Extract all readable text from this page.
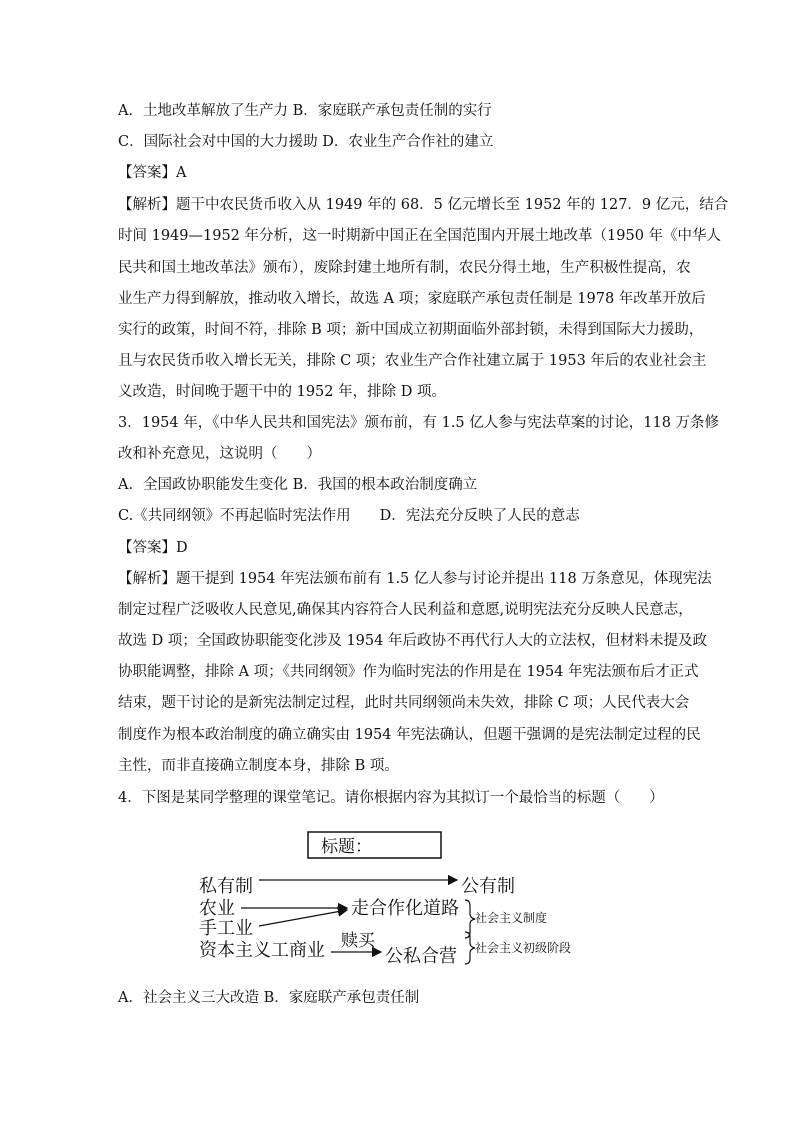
A．土地改革解放了生产力 B．家庭联产承包责任制的实行
C．国际社会对中国的大力援助 D．农业生产合作社的建立
【答案】A
【解析】题干中农民货币收入从 1949 年的 68．5 亿元增长至 1952 年的 127．9 亿元，结合
时间 1949—1952 年分析，这一时期新中国正在全国范围内开展土地改革（1950 年《中华人
民共和国土地改革法》颁布），废除封建土地所有制，农民分得土地，生产积极性提高，农
业生产力得到解放，推动收入增长，故选 A 项；家庭联产承包责任制是 1978 年改革开放后
实行的政策，时间不符，排除 B 项；新中国成立初期面临外部封锁，未得到国际大力援助，
且与农民货币收入增长无关，排除 C 项；农业生产合作社建立属于 1953 年后的农业社会主
义改造，时间晚于题干中的 1952 年，排除 D 项。
3．1954 年，《中华人民共和国宪法》颁布前，有 1.5 亿人参与宪法草案的讨论，118 万条修
改和补充意见，这说明（　　）
A．全国政协职能发生变化 B．我国的根本政治制度确立
C.《共同纲领》不再起临时宪法作用　　D．宪法充分反映了人民的意志
【答案】D
【解析】题干提到 1954 年宪法颁布前有 1.5 亿人参与讨论并提出 118 万条意见，体现宪法
制定过程广泛吸收人民意见,确保其内容符合人民利益和意愿,说明宪法充分反映人民意志，
故选 D 项；全国政协职能变化涉及 1954 年后政协不再代行人大的立法权，但材料未提及政
协职能调整，排除 A 项；《共同纲领》作为临时宪法的作用是在 1954 年宪法颁布后才正式
结束，题干讨论的是新宪法制定过程，此时共同纲领尚未失效，排除 C 项；人民代表大会
制度作为根本政治制度的确立确实由 1954 年宪法确认，但题干强调的是宪法制定过程的民
主性，而非直接确立制度本身，排除 B 项。
4．下图是某同学整理的课堂笔记。请你根据内容为其拟订一个最恰当的标题（　　）
标题：
私有制	公有制
农业
手工业
走合作化道路
资本主义工商业 赎买
公私合营
社会主义制度
社会主义初级阶段
A．社会主义三大改造 B．家庭联产承包责任制
